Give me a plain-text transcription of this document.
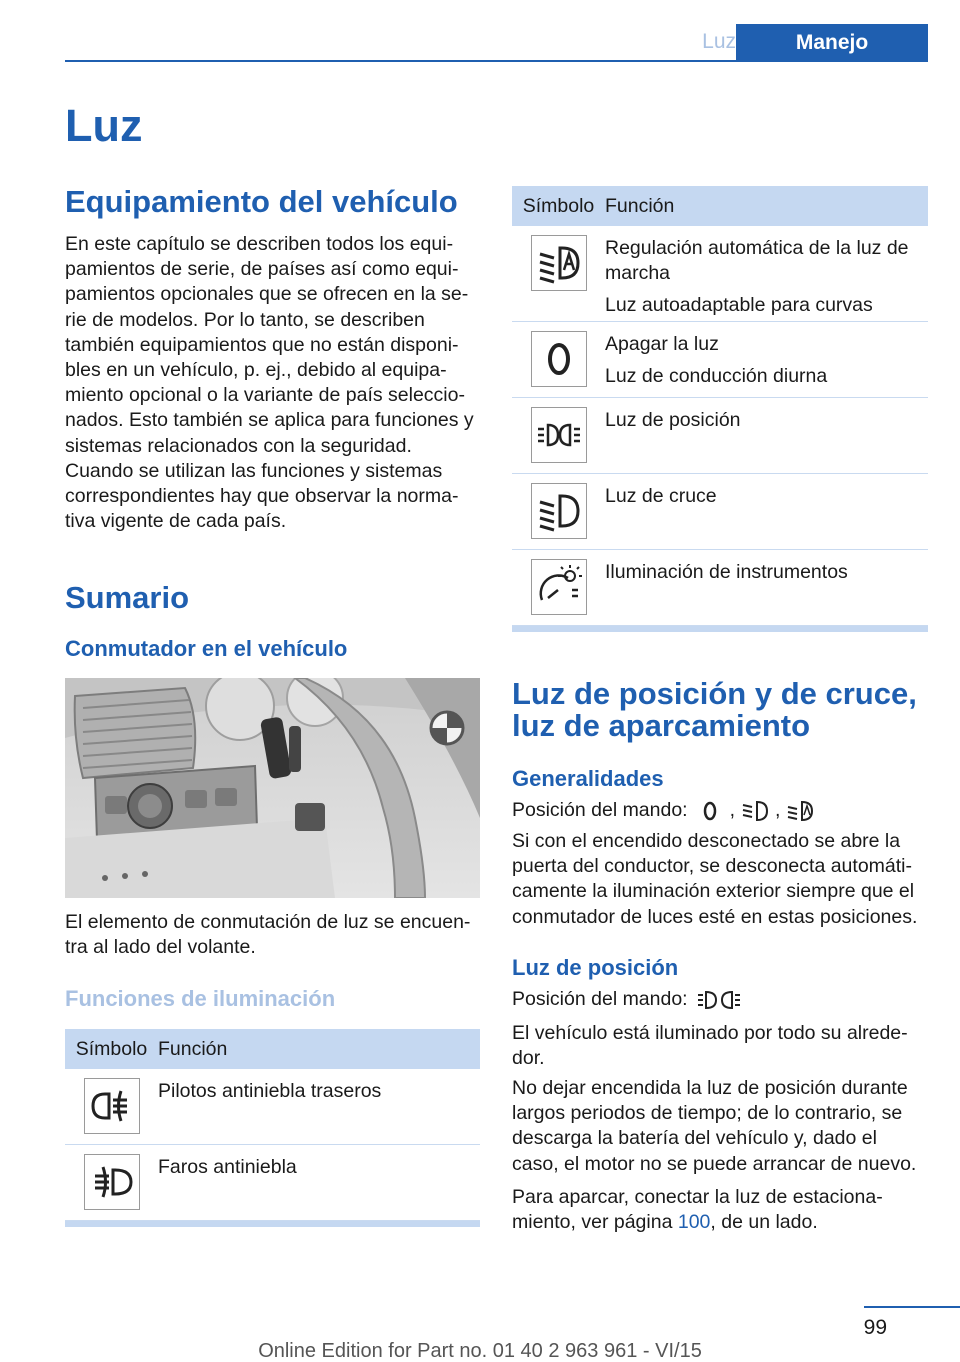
Luz	Manejo
Luz
Equipamiento del vehículo

En este capítulo se describen todos los equipamientos de serie, de países así como equipamientos opcionales que se ofrecen en la serie de modelos. Por lo tanto, se describen también equipamientos que no están disponibles en un vehículo, p. ej., debido al equipamiento opcional o la variante de país seleccionados. Esto también se aplica para funciones y sistemas relacionados con la seguridad. Cuando se utilizan las funciones y sistemas correspondientes hay que observar la normativa vigente de cada país.

Sumario
Conmutador en el vehículo

El elemento de conmutación de luz se encuentra al lado del volante.

Funciones de iluminación
Símbolo Función

Pilotos antiniebla traseros

Faros antiniebla

Símbolo Función

Regulación automática de la luz de marcha

Luz autoadaptable para curvas

Apagar la luz

Luz de conducción diurna

Luz de posición

Luz de cruce

Iluminación de instrumentos

Luz de posición y de cruce, luz de aparcamiento
Generalidades
Posición del mando: , ,

Si con el encendido desconectado se abre la puerta del conductor, se desconecta automáticamente la iluminación exterior siempre que el conmutador de luces esté en estas posiciones.

Luz de posición
Posición del mando:

El vehículo está iluminado por todo su alrededor.

No dejar encendida la luz de posición durante largos periodos de tiempo; de lo contrario, se descarga la batería del vehículo y, dado el caso, el motor no se puede arrancar de nuevo.

Para aparcar, conectar la luz de estacionamiento, ver página 100, de un lado.

99
Online Edition for Part no. 01 40 2 963 961 - VI/15
